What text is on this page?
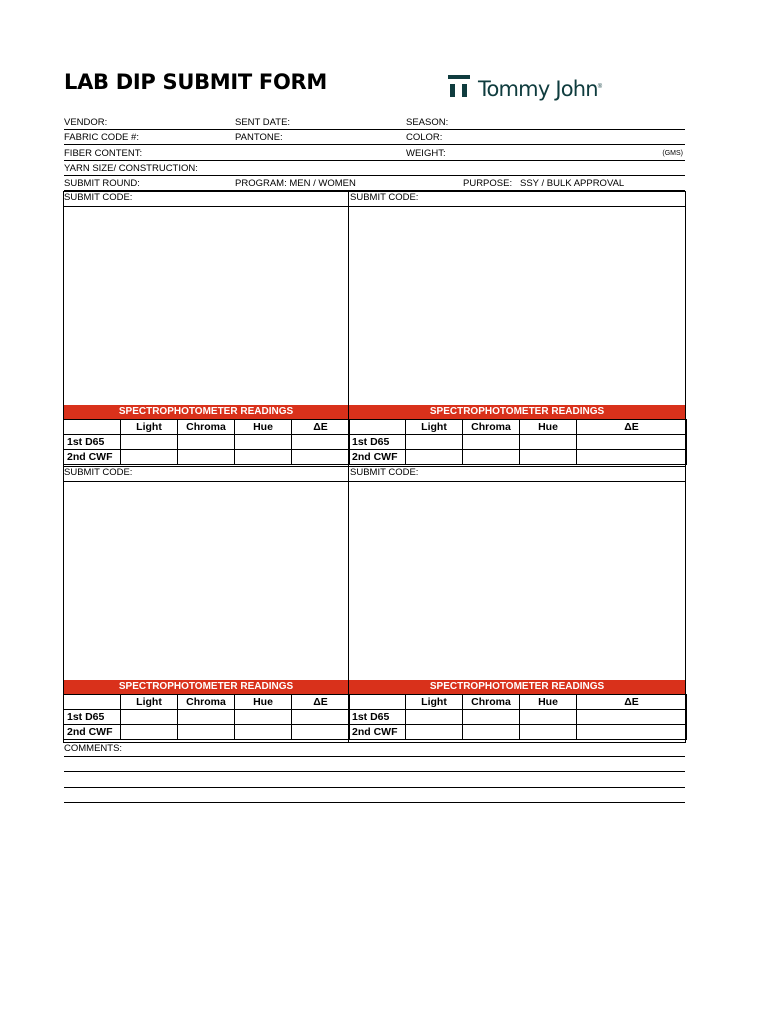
LAB DIP SUBMIT FORM	Tommy John ®
VENDOR:	SENT DATE:	SEASON:
FABRIC CODE #:	PANTONE:	COLOR:
FIBER CONTENT:	WEIGHT:	(GMS)
YARN SIZE/ CONSTRUCTION:
SUBMIT ROUND:	PROGRAM: MEN / WOMEN	PURPOSE: SSY / BULK APPROVAL
SUBMIT CODE:
SPECTROPHOTOMETER READINGS
	Light	Chroma	Hue	ΔE
1st D65				
2nd CWF				
SUBMIT CODE:
SPECTROPHOTOMETER READINGS
	Light	Chroma	Hue	ΔE
1st D65				
2nd CWF				
SUBMIT CODE:
SPECTROPHOTOMETER READINGS
	Light	Chroma	Hue	ΔE
1st D65				
2nd CWF				
SUBMIT CODE:
SPECTROPHOTOMETER READINGS
	Light	Chroma	Hue	ΔE
1st D65				
2nd CWF				
COMMENTS:
